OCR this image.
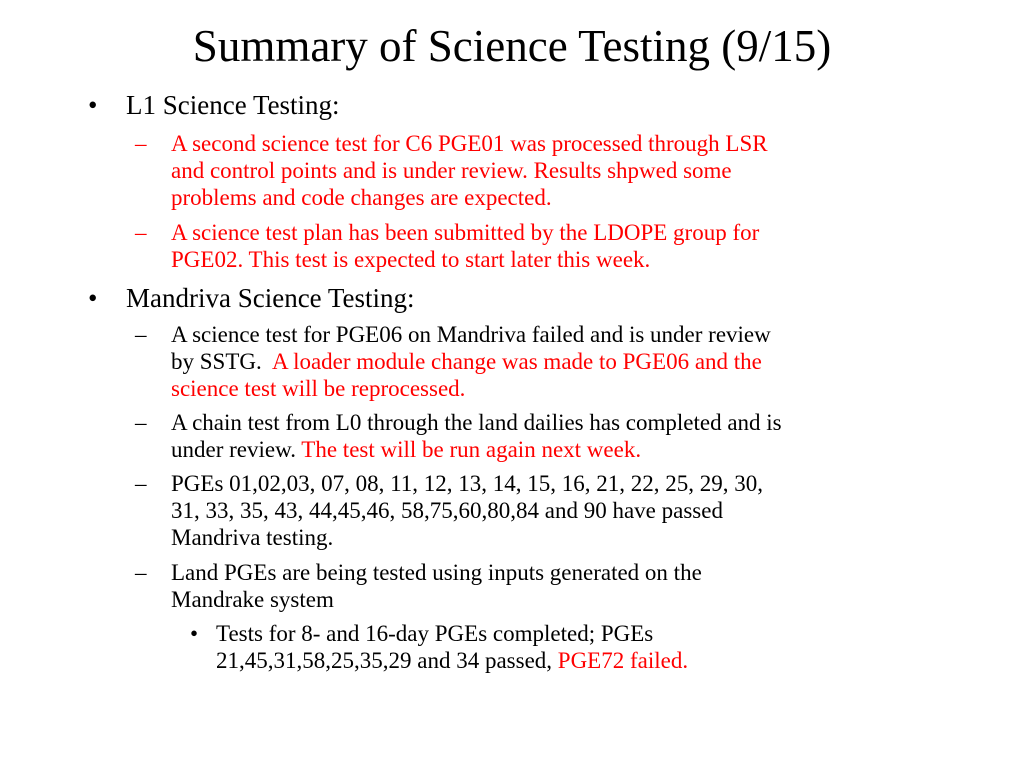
Summary of Science Testing (9/15)
• L1 Science Testing:
– A second science test for C6 PGE01 was processed through LSR
and control points and is under review. Results shpwed some
problems and code changes are expected.
– A science test plan has been submitted by the LDOPE group for
PGE02. This test is expected to start later this week.
• Mandriva Science Testing:
– A science test for PGE06 on Mandriva failed and is under review
by SSTG.  A loader module change was made to PGE06 and the
science test will be reprocessed.
– A chain test from L0 through the land dailies has completed and is
under review. The test will be run again next week.
– PGEs 01,02,03, 07, 08, 11, 12, 13, 14, 15, 16, 21, 22, 25, 29, 30,
31, 33, 35, 43, 44,45,46, 58,75,60,80,84 and 90 have passed
Mandriva testing.
– Land PGEs are being tested using inputs generated on the
Mandrake system
• Tests for 8- and 16-day PGEs completed; PGEs
21,45,31,58,25,35,29 and 34 passed, PGE72 failed.
